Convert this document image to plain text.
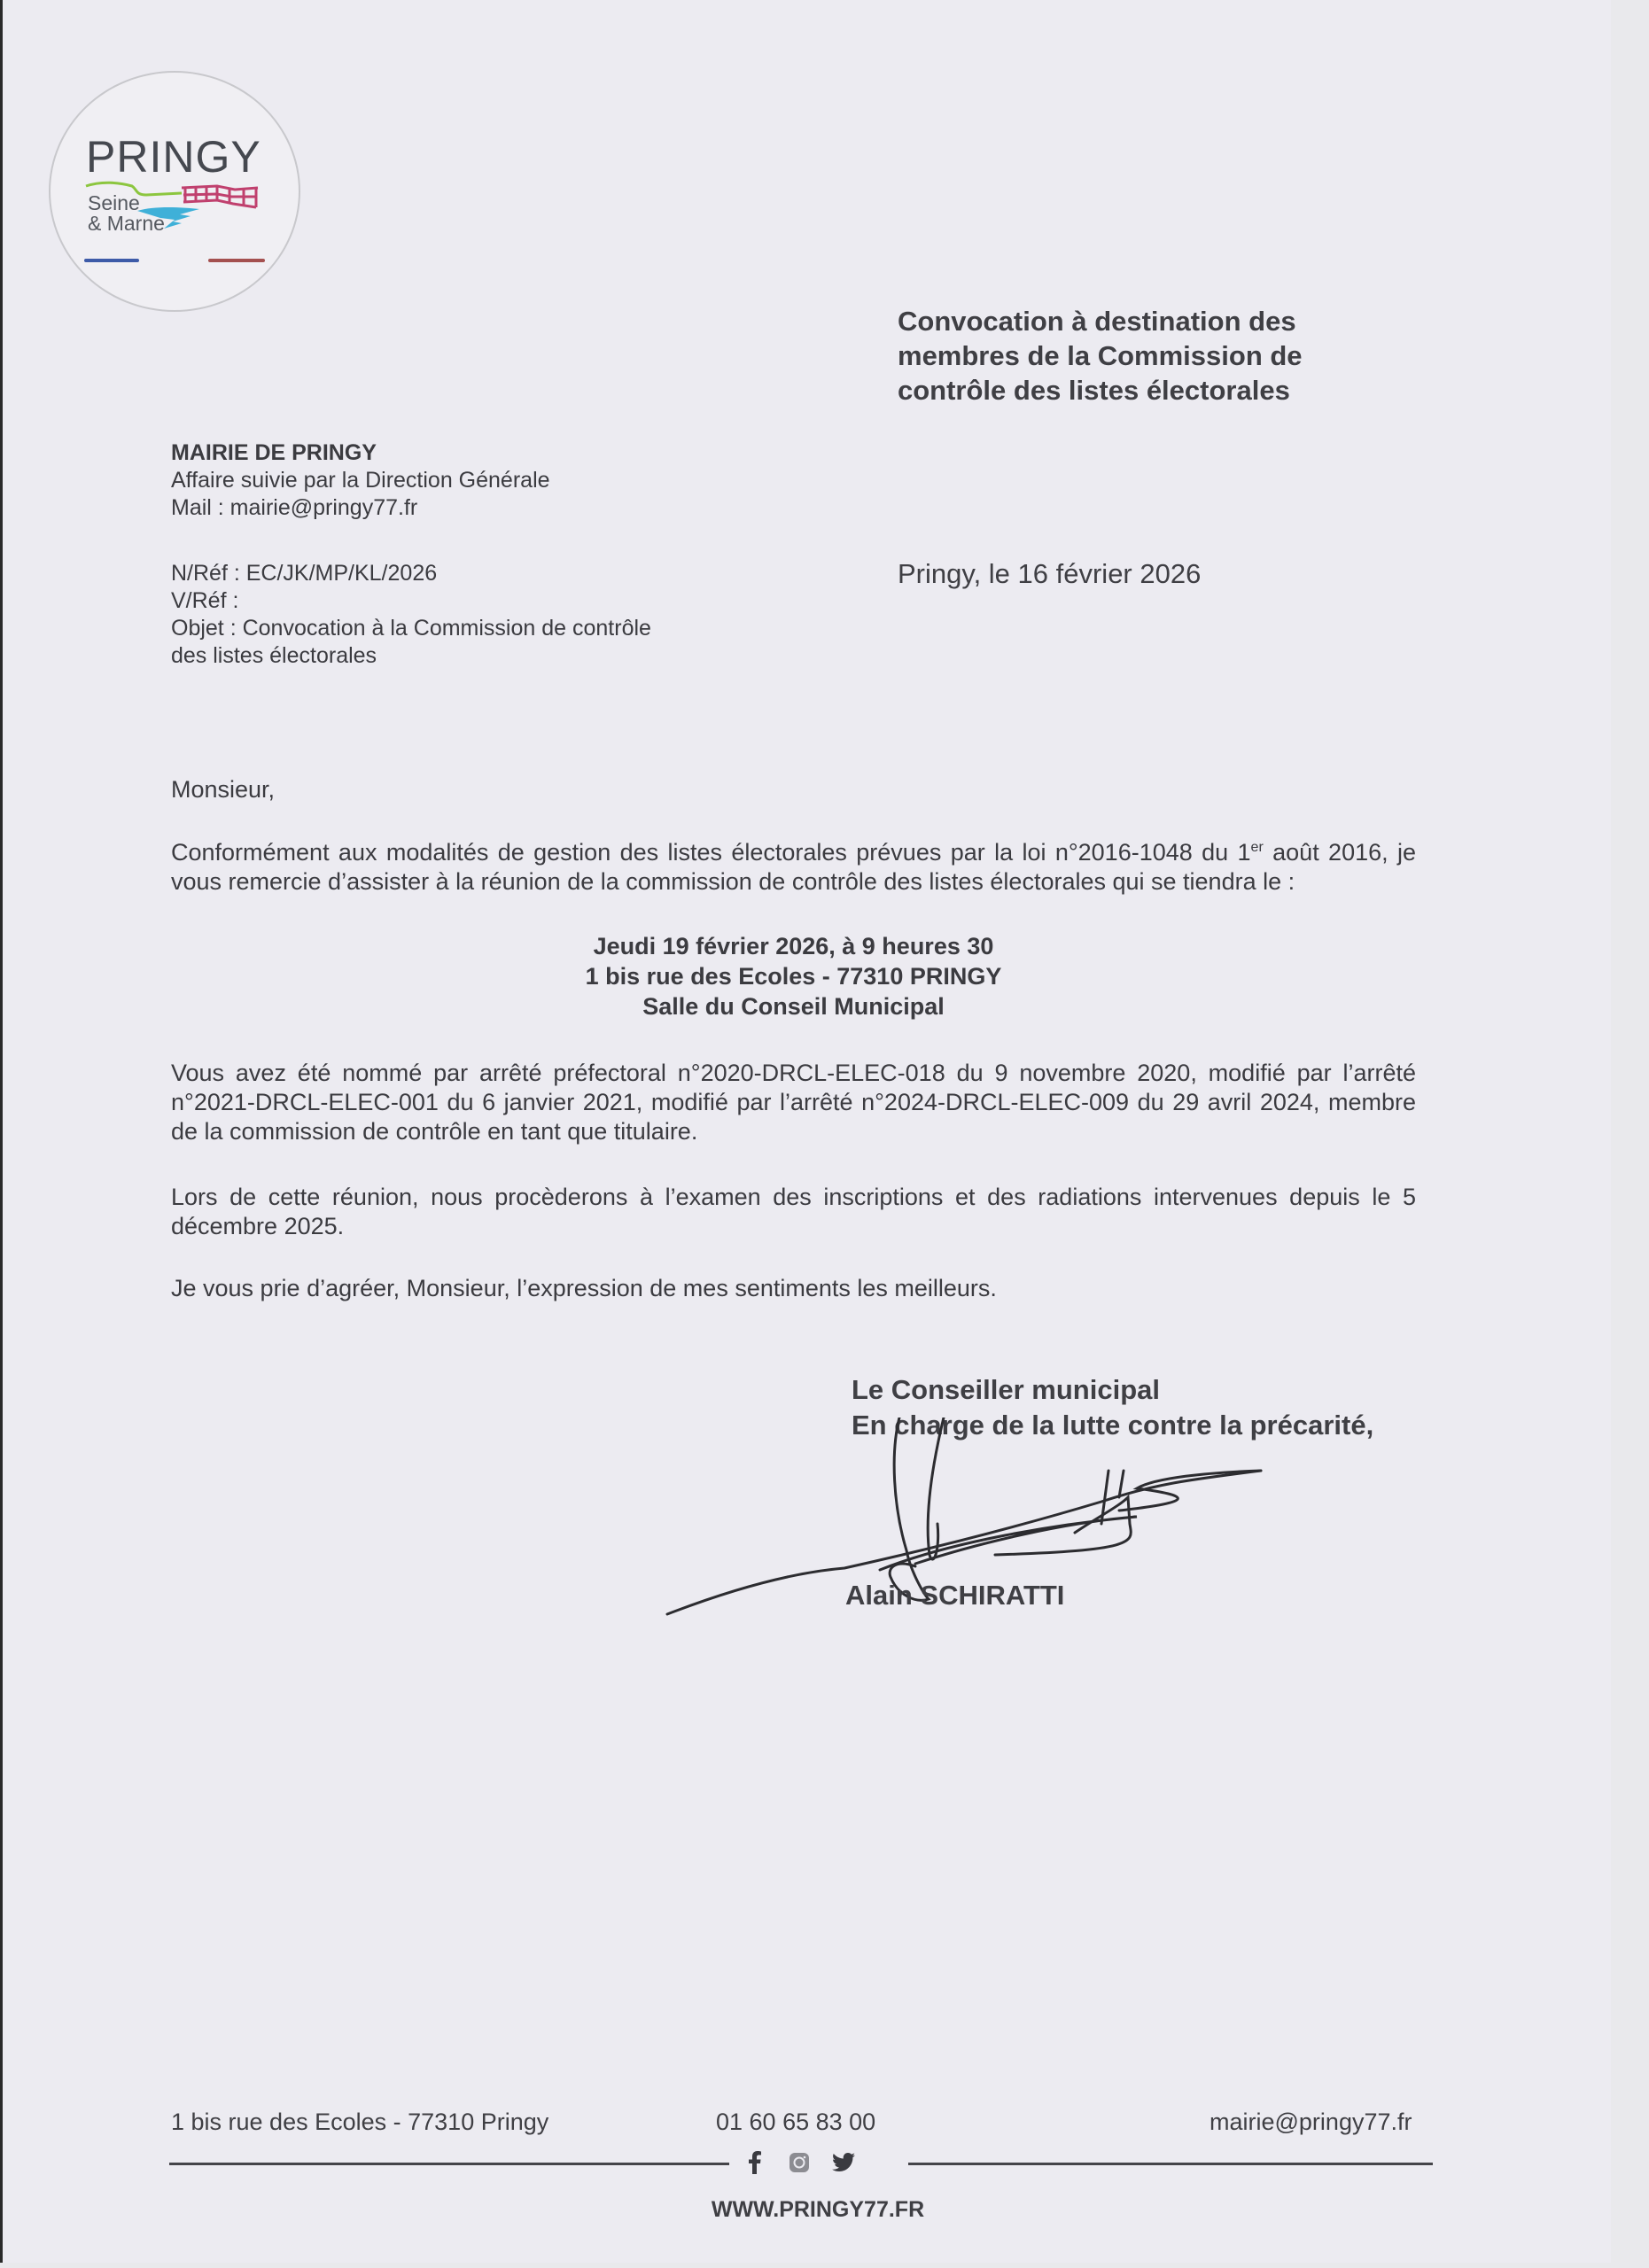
PRINGY
Seine
& Marne
Convocation à destination des
membres de la Commission de
contrôle des listes électorales
MAIRIE DE PRINGY
Affaire suivie par la Direction Générale
Mail : mairie@pringy77.fr
N/Réf : EC/JK/MP/KL/2026
V/Réf :
Objet : Convocation à la Commission de contrôle
des listes électorales
Pringy, le 16 février 2026
Monsieur,
Conformément aux modalités de gestion des listes électorales prévues par la loi n°2016-1048 du 1er août 2016, je vous remercie d’assister à la réunion de la commission de contrôle des listes électorales qui se tiendra le :
Jeudi 19 février 2026, à 9 heures 30
1 bis rue des Ecoles - 77310 PRINGY
Salle du Conseil Municipal
Vous avez été nommé par arrêté préfectoral n°2020-DRCL-ELEC-018 du 9 novembre 2020, modifié par l’arrêté n°2021-DRCL-ELEC-001 du 6 janvier 2021, modifié par l’arrêté n°2024-DRCL-ELEC-009 du 29 avril 2024, membre de la commission de contrôle en tant que titulaire.
Lors de cette réunion, nous procèderons à l’examen des inscriptions et des radiations intervenues depuis le 5 décembre 2025.
Je vous prie d’agréer, Monsieur, l’expression de mes sentiments les meilleurs.
Le Conseiller municipal
En charge de la lutte contre la précarité,
Alain SCHIRATTI
1 bis rue des Ecoles - 77310 Pringy	01 60 65 83 00	mairie@pringy77.fr
WWW.PRINGY77.FR
